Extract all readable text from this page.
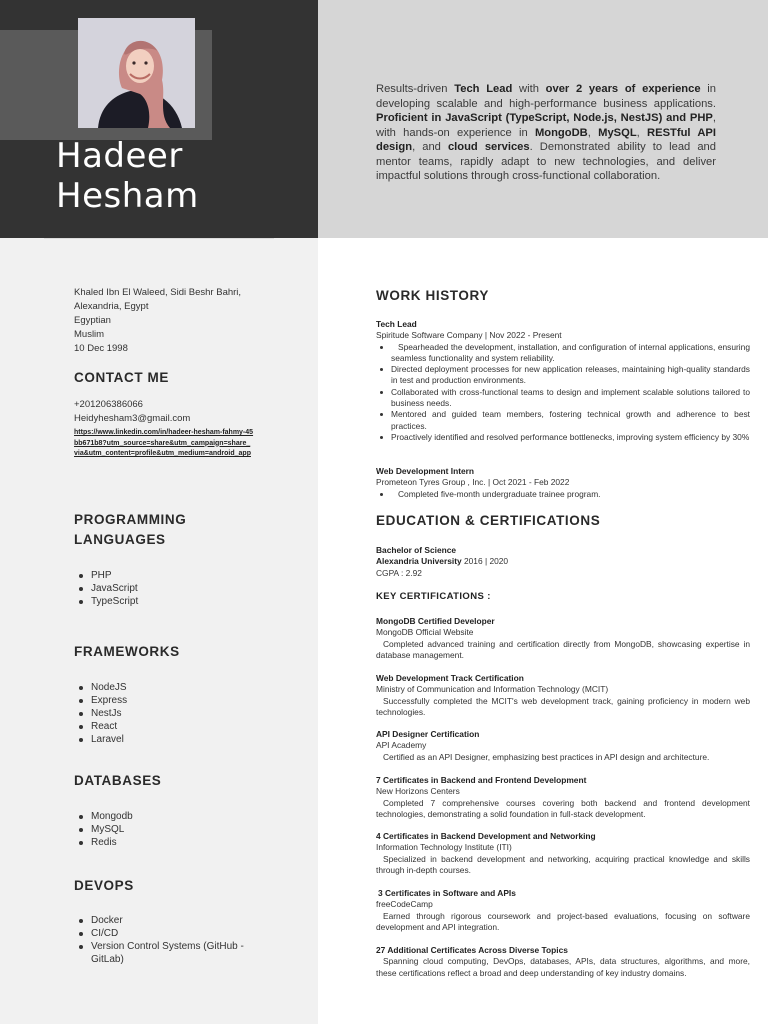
Hadeer
Hesham
Results-driven Tech Lead with over 2 years of experience in developing scalable and high-performance business applications. Proficient in JavaScript (TypeScript, Node.js, NestJS) and PHP, with hands-on experience in MongoDB, MySQL, RESTful API design, and cloud services. Demonstrated ability to lead and mentor teams, rapidly adapt to new technologies, and deliver impactful solutions through cross-functional collaboration.
Khaled Ibn El Waleed, Sidi Beshr Bahri,
Alexandria, Egypt
Egyptian
Muslim
10 Dec 1998
CONTACT ME
+201206386066
Heidyhesham3@gmail.com
https://www.linkedin.com/in/hadeer-hesham-fahmy-45bb671b8?utm_source=share&utm_campaign=share_via&utm_content=profile&utm_medium=android_app
PROGRAMMING
LANGUAGES
PHP
JavaScript
TypeScript
FRAMEWORKS
NodeJS
Express
NestJs
React
Laravel
DATABASES
Mongodb
MySQL
Redis
DEVOPS
Docker
CI/CD
Version Control Systems (GitHub - GitLab)
WORK HISTORY
Tech Lead
Spiritude Software Company | Nov 2022 - Present
Spearheaded the development, installation, and configuration of internal applications, ensuring seamless functionality and system reliability.
Directed deployment processes for new application releases, maintaining high-quality standards in test and production environments.
Collaborated with cross-functional teams to design and implement scalable solutions tailored to business needs.
Mentored and guided team members, fostering technical growth and adherence to best practices.
Proactively identified and resolved performance bottlenecks, improving system efficiency by 30%
Web Development Intern
Prometeon Tyres Group , Inc. | Oct 2021 - Feb 2022
Completed five-month undergraduate trainee program.
EDUCATION & CERTIFICATIONS
Bachelor of Science
Alexandria University 2016 | 2020
CGPA : 2.92
KEY CERTIFICATIONS :
MongoDB Certified Developer
MongoDB Official Website
Completed advanced training and certification directly from MongoDB, showcasing expertise in database management.
Web Development Track Certification
Ministry of Communication and Information Technology (MCIT)
Successfully completed the MCIT's web development track, gaining proficiency in modern web technologies.
API Designer Certification
API Academy
Certified as an API Designer, emphasizing best practices in API design and architecture.
7 Certificates in Backend and Frontend Development
New Horizons Centers
Completed 7 comprehensive courses covering both backend and frontend development technologies, demonstrating a solid foundation in full-stack development.
4 Certificates in Backend Development and Networking
Information Technology Institute (ITI)
Specialized in backend development and networking, acquiring practical knowledge and skills through in-depth courses.
3 Certificates in Software and APIs
freeCodeCamp
Earned through rigorous coursework and project-based evaluations, focusing on software development and API integration.
27 Additional Certificates Across Diverse Topics
Spanning cloud computing, DevOps, databases, APIs, data structures, algorithms, and more, these certifications reflect a broad and deep understanding of key industry domains.
